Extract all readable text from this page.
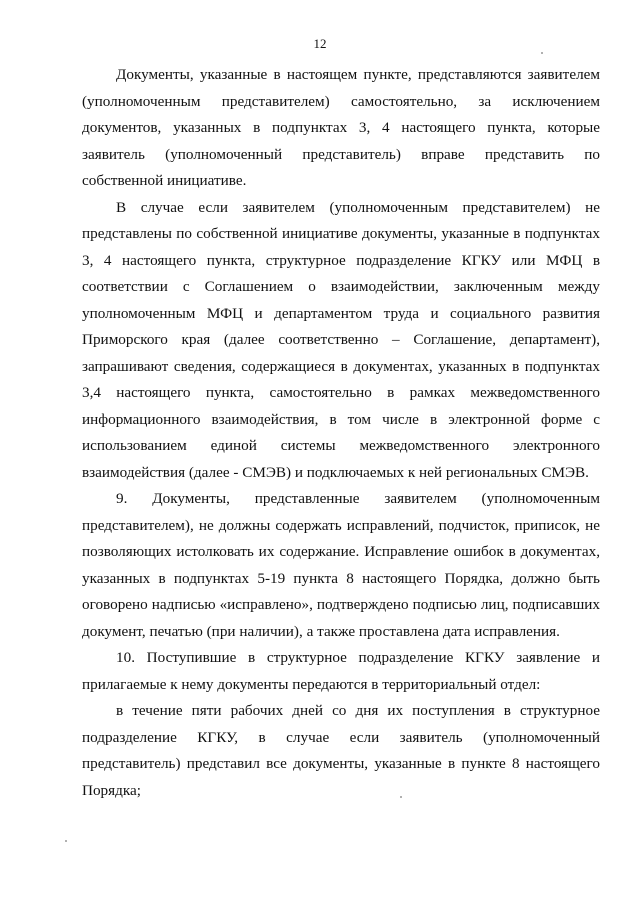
12

Документы, указанные в настоящем пункте, представляются заявителем (уполномоченным представителем) самостоятельно, за исключением документов, указанных в подпунктах 3, 4 настоящего пункта, которые заявитель (уполномоченный представитель) вправе представить по собственной инициативе.

В случае если заявителем (уполномоченным представителем) не представлены по собственной инициативе документы, указанные в подпунктах 3, 4 настоящего пункта, структурное подразделение КГКУ или МФЦ в соответствии с Соглашением о взаимодействии, заключенным между уполномоченным МФЦ и департаментом труда и социального развития Приморского края (далее соответственно – Соглашение, департамент), запрашивают сведения, содержащиеся в документах, указанных в подпунктах 3,4 настоящего пункта, самостоятельно в рамках межведомственного информационного взаимодействия, в том числе в электронной форме с использованием единой системы межведомственного электронного взаимодействия (далее - СМЭВ) и подключаемых к ней региональных СМЭВ.

9. Документы, представленные заявителем (уполномоченным представителем), не должны содержать исправлений, подчисток, приписок, не позволяющих истолковать их содержание. Исправление ошибок в документах, указанных в подпунктах 5-19 пункта 8 настоящего Порядка, должно быть оговорено надписью «исправлено», подтверждено подписью лиц, подписавших документ, печатью (при наличии), а также проставлена дата исправления.

10. Поступившие в структурное подразделение КГКУ заявление и прилагаемые к нему документы передаются в территориальный отдел:

в течение пяти рабочих дней со дня их поступления в структурное подразделение КГКУ, в случае если заявитель (уполномоченный представитель) представил все документы, указанные в пункте 8 настоящего Порядка;
